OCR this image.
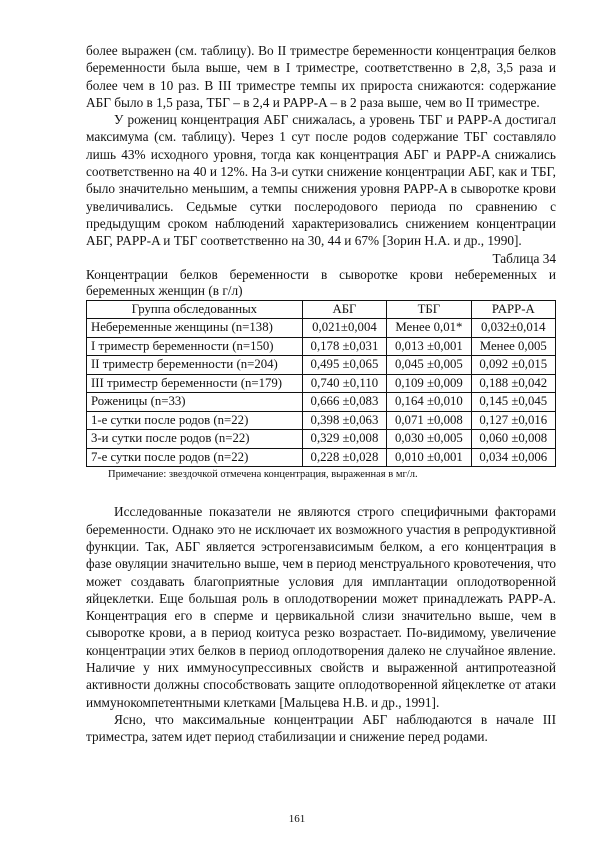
более выражен (см. таблицу). Во II триместре беременности концентрация белков беременности была выше, чем в I триместре, соответственно в 2,8, 3,5 раза и более чем в 10 раз. В III триместре темпы их прироста снижаются: содержание АБГ было в 1,5 раза, ТБГ – в 2,4 и PAPP-A – в 2 раза выше, чем во II триместре.

У рожениц концентрация АБГ снижалась, а уровень ТБГ и PAPP-A достигал максимума (см. таблицу). Через 1 сут после родов содержание ТБГ составляло лишь 43% исходного уровня, тогда как концентрация АБГ и PAPP-A снижались соответственно на 40 и 12%. На 3-и сутки снижение концентрации АБГ, как и ТБГ, было значительно меньшим, а темпы снижения уровня PAPP-A в сыворотке крови увеличивались. Седьмые сутки послеродового периода по сравнению с предыдущим сроком наблюдений характеризовались снижением концентрации АБГ, PAPP-A и ТБГ соответственно на 30, 44 и 67% [Зорин Н.А. и др., 1990].

Таблица 34

Концентрации белков беременности в сыворотке крови небеременных и беременных женщин (в г/л)

Группа обследованных	АБГ	ТБГ	PAPP-A
Небеременные женщины (n=138)	0,021±0,004	Менее 0,01*	0,032±0,014
I триместр беременности (n=150)	0,178 ±0,031	0,013 ±0,001	Менее 0,005
II триместр беременности (n=204)	0,495 ±0,065	0,045 ±0,005	0,092 ±0,015
III триместр беременности (n=179)	0,740 ±0,110	0,109 ±0,009	0,188 ±0,042
Роженицы (n=33)	0,666 ±0,083	0,164 ±0,010	0,145 ±0,045
1-е сутки после родов (n=22)	0,398 ±0,063	0,071 ±0,008	0,127 ±0,016
3-и сутки после родов (n=22)	0,329 ±0,008	0,030 ±0,005	0,060 ±0,008
7-е сутки после родов (n=22)	0,228 ±0,028	0,010 ±0,001	0,034 ±0,006

Примечание: звездочкой отмечена концентрация, выраженная в мг/л.

Исследованные показатели не являются строго специфичными факторами беременности. Однако это не исключает их возможного участия в репродуктивной функции. Так, АБГ является эстрогензависимым белком, а его концентрация в фазе овуляции значительно выше, чем в период менструального кровотечения, что может создавать благоприятные условия для имплантации оплодотворенной яйцеклетки. Еще большая роль в оплодотворении может принадлежать PAPP-A. Концентрация его в сперме и цервикальной слизи значительно выше, чем в сыворотке крови, а в период коитуса резко возрастает. По-видимому, увеличение концентрации этих белков в период оплодотворения далеко не случайное явление. Наличие у них иммуносупрессивных свойств и выраженной антипротеазной активности должны способствовать защите оплодотворенной яйцеклетке от атаки иммунокомпетентными клетками [Мальцева Н.В. и др., 1991].

Ясно, что максимальные концентрации АБГ наблюдаются в начале III триместра, затем идет период стабилизации и снижение перед родами.

161
